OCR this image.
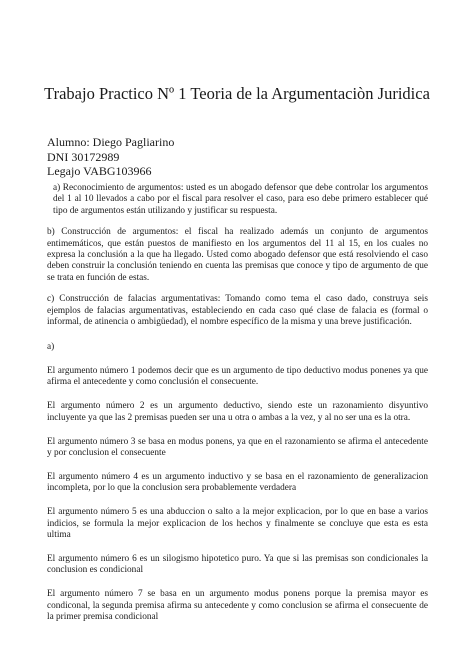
Trabajo Practico Nº 1 Teoria de la Argumentaciòn Juridica
Alumno: Diego Pagliarino
DNI 30172989
Legajo VABG103966

a) Reconocimiento de argumentos: usted es un abogado defensor que debe controlar los argumentos del 1 al 10 llevados a cabo por el fiscal para resolver el caso, para eso debe primero establecer qué tipo de argumentos están utilizando y justificar su respuesta.

b) Construcción de argumentos: el fiscal ha realizado además un conjunto de argumentos entimemáticos, que están puestos de manifiesto en los argumentos del 11 al 15, en los cuales no expresa la conclusión a la que ha llegado. Usted como abogado defensor que está resolviendo el caso deben construir la conclusión teniendo en cuenta las premisas que conoce y tipo de argumento de que se trata en función de estas.

c) Construcción de falacias argumentativas: Tomando como tema el caso dado, construya seis ejemplos de falacias argumentativas, estableciendo en cada caso qué clase de falacia es (formal o informal, de atinencia o ambigüedad), el nombre específico de la misma y una breve justificación.

a)

El argumento número 1 podemos decir que es un argumento de tipo deductivo modus ponenes ya que afirma el antecedente y como conclusión el consecuente.

El argumento número 2 es un argumento deductivo, siendo este un razonamiento disyuntivo incluyente ya que las 2 premisas pueden ser una u otra o ambas a la vez, y al no ser una es la otra.

El argumento número 3 se basa en modus ponens, ya que en el razonamiento se afirma el antecedente y por conclusion el consecuente

El argumento número 4 es un argumento inductivo y se basa en el razonamiento de generalizacion incompleta, por lo que la conclusion sera probablemente verdadera

El argumento número 5 es una abduccion o salto a la mejor explicacion, por lo que en base a varios indicios, se formula la mejor explicacion de los hechos y finalmente se concluye que esta es esta ultima

El argumento número 6 es un silogismo hipotetico puro. Ya que si las premisas son condicionales la conclusion es condicional

El argumento número 7 se basa en un argumento modus ponens porque la premisa mayor es condiconal, la segunda premisa afirma su antecedente y como conclusion se afirma el consecuente de la primer premisa condicional
